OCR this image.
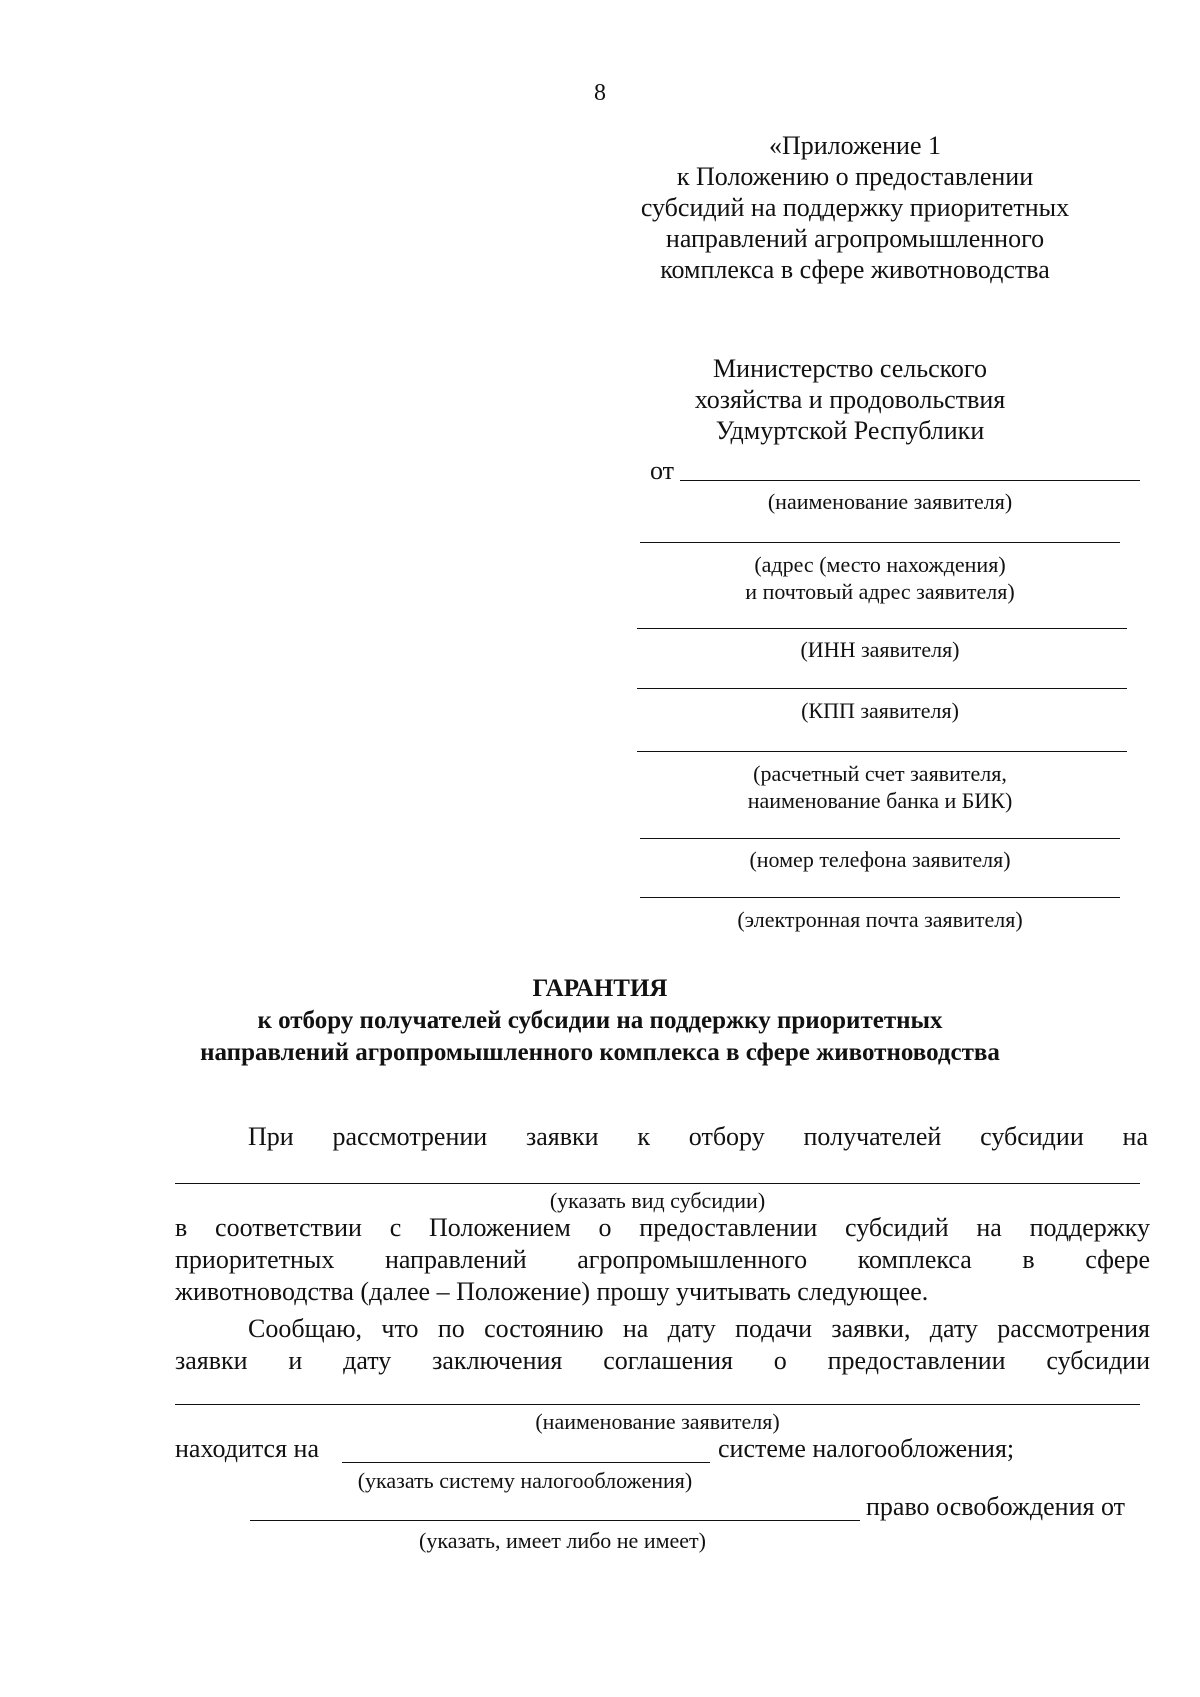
8
«Приложение 1
к Положению о предоставлении
субсидий на поддержку приоритетных
направлений агропромышленного
комплекса в сфере животноводства
Министерство сельского
хозяйства и продовольствия
Удмуртской Республики
от
(наименование заявителя)
(адрес (место нахождения)
и почтовый адрес заявителя)
(ИНН заявителя)
(КПП заявителя)
(расчетный счет заявителя,
наименование банка и БИК)
(номер телефона заявителя)
(электронная почта заявителя)
ГАРАНТИЯ
к отбору получателей субсидии на поддержку приоритетных
направлений агропромышленного комплекса в сфере животноводства
При рассмотрении заявки к отбору получателей субсидии на
(указать вид субсидии)
в соответствии с Положением о предоставлении субсидий на поддержку
приоритетных направлений агропромышленного комплекса в сфере
животноводства (далее – Положение) прошу учитывать следующее.
Сообщаю, что по состоянию на дату подачи заявки, дату рассмотрения
заявки и дату заключения соглашения о предоставлении субсидии
(наименование заявителя)
находится на	системе налогообложения;
(указать систему налогообложения)
право освобождения от
(указать, имеет либо не имеет)
